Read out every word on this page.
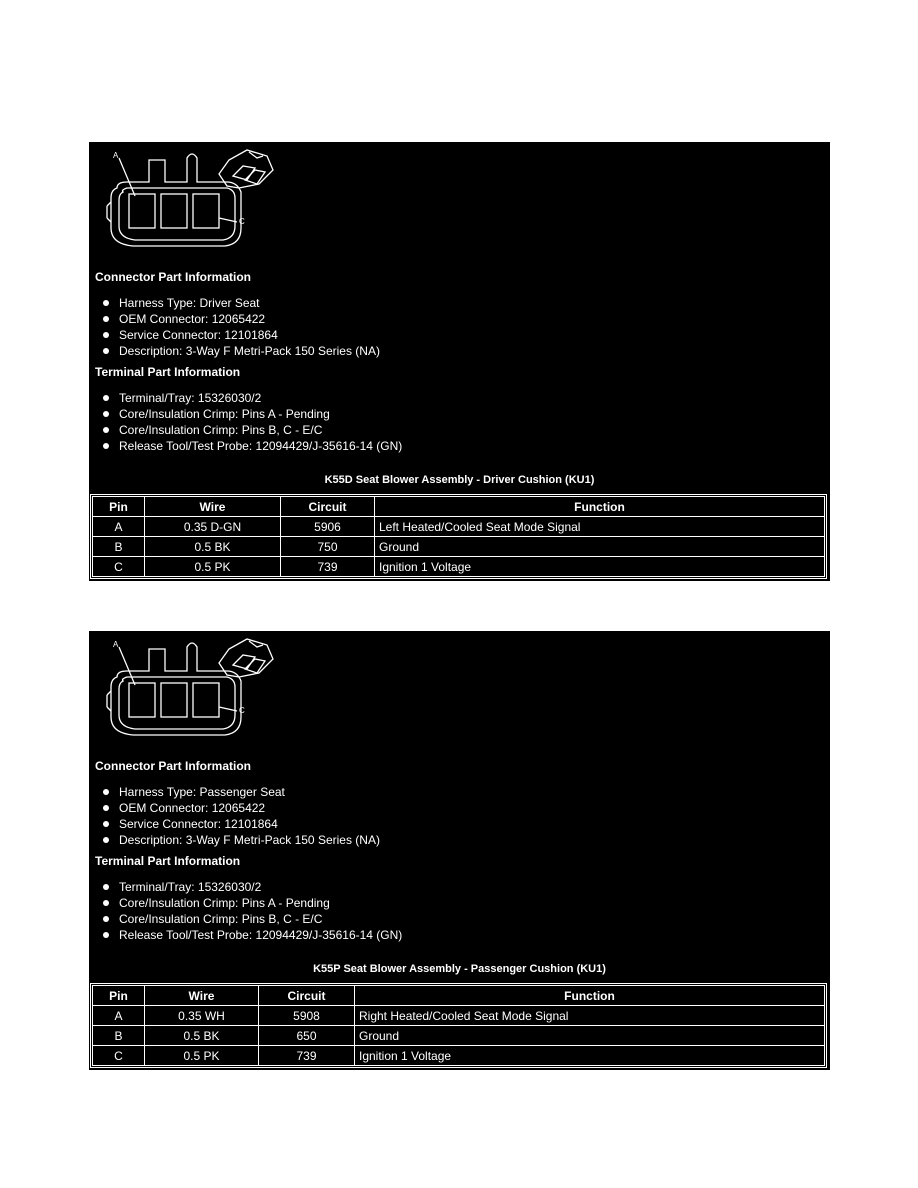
A
C
Connector Part Information
Harness Type: Driver Seat
OEM Connector: 12065422
Service Connector: 12101864
Description: 3-Way F Metri-Pack 150 Series (NA)
Terminal Part Information
Terminal/Tray: 15326030/2
Core/Insulation Crimp: Pins A - Pending
Core/Insulation Crimp: Pins B, C - E/C
Release Tool/Test Probe: 12094429/J-35616-14 (GN)
K55D Seat Blower Assembly - Driver Cushion (KU1)
Pin	Wire	Circuit	Function
A	0.35 D-GN	5906	Left Heated/Cooled Seat Mode Signal
B	0.5 BK	750	Ground
C	0.5 PK	739	Ignition 1 Voltage
A
C
Connector Part Information
Harness Type: Passenger Seat
OEM Connector: 12065422
Service Connector: 12101864
Description: 3-Way F Metri-Pack 150 Series (NA)
Terminal Part Information
Terminal/Tray: 15326030/2
Core/Insulation Crimp: Pins A - Pending
Core/Insulation Crimp: Pins B, C - E/C
Release Tool/Test Probe: 12094429/J-35616-14 (GN)
K55P Seat Blower Assembly - Passenger Cushion (KU1)
Pin	Wire	Circuit	Function
A	0.35 WH	5908	Right Heated/Cooled Seat Mode Signal
B	0.5 BK	650	Ground
C	0.5 PK	739	Ignition 1 Voltage
